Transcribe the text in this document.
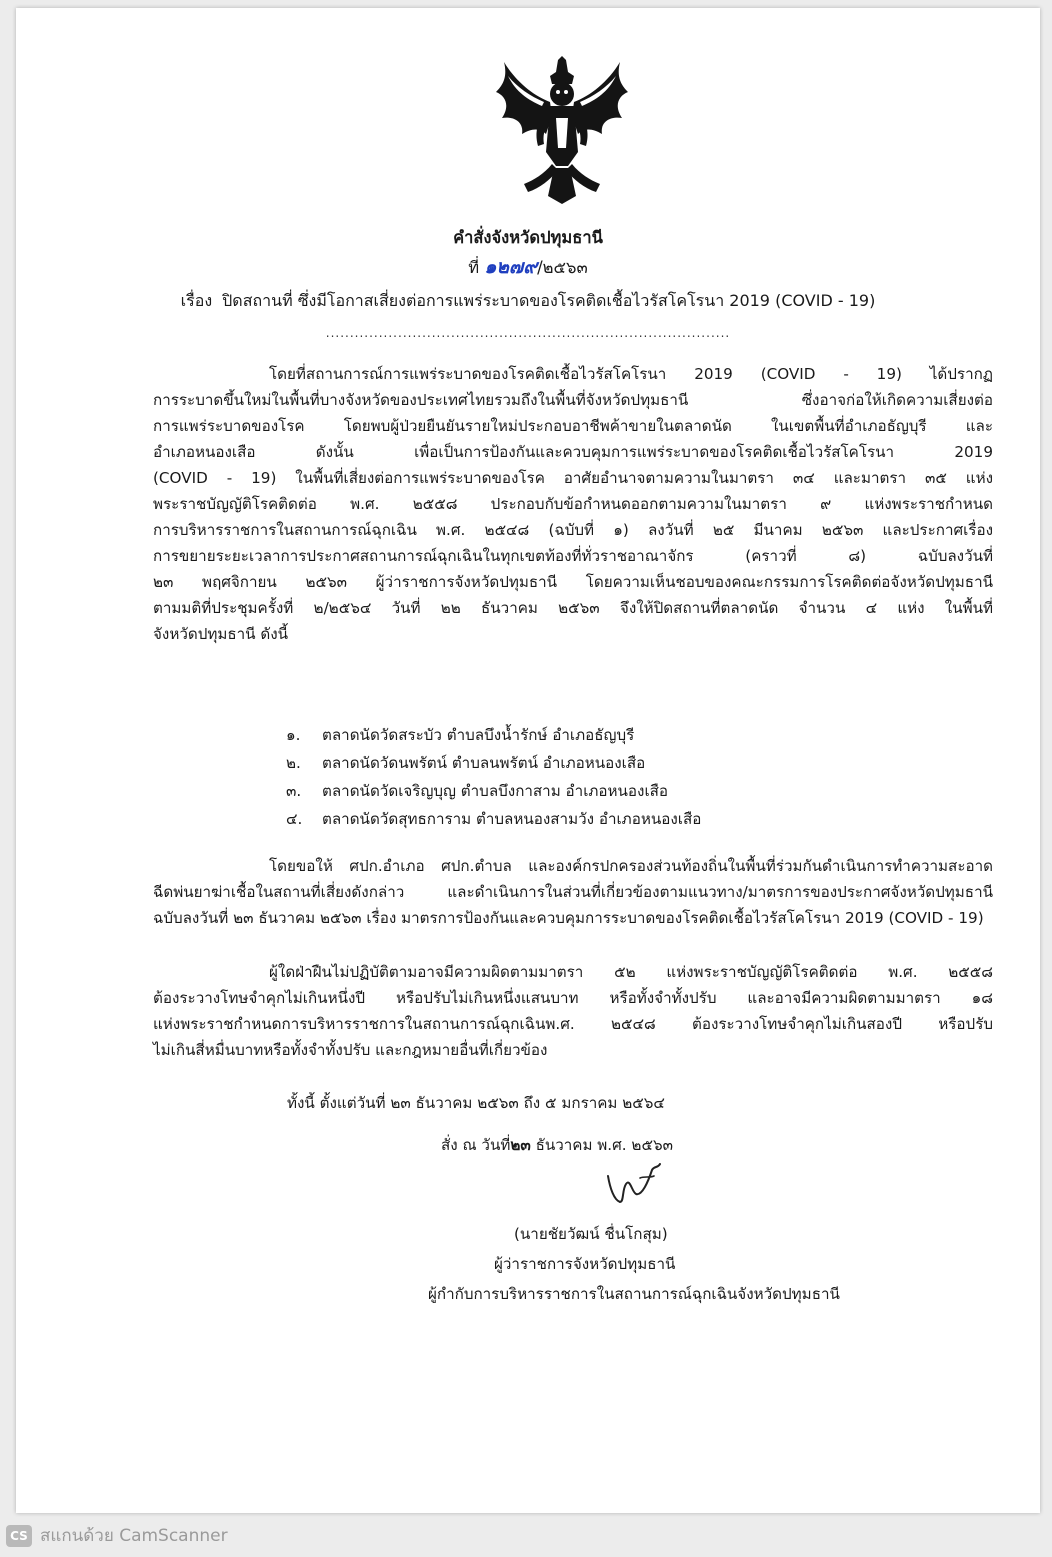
คำสั่งจังหวัดปทุมธานี
ที่ ๑๒๗๙/๒๕๖๓
เรื่อง ปิดสถานที่ ซึ่งมีโอกาสเสี่ยงต่อการแพร่ระบาดของโรคติดเชื้อไวรัสโคโรนา 2019 (COVID - 19)
....................................................................................
โดยที่สถานการณ์การแพร่ระบาดของโรคติดเชื้อไวรัสโคโรนา 2019 (COVID - 19) ได้ปรากฏ
การระบาดขึ้นใหม่ในพื้นที่บางจังหวัดของประเทศไทยรวมถึงในพื้นที่จังหวัดปทุมธานี ซึ่งอาจก่อให้เกิดความเสี่ยงต่อ
การแพร่ระบาดของโรค โดยพบผู้ป่วยยืนยันรายใหม่ประกอบอาชีพค้าขายในตลาดนัด ในเขตพื้นที่อำเภอธัญบุรี และ
อำเภอหนองเสือ ดังนั้น เพื่อเป็นการป้องกันและควบคุมการแพร่ระบาดของโรคติดเชื้อไวรัสโคโรนา 2019
(COVID - 19) ในพื้นที่เสี่ยงต่อการแพร่ระบาดของโรค อาศัยอำนาจตามความในมาตรา ๓๔ และมาตรา ๓๕ แห่ง
พระราชบัญญัติโรคติดต่อ พ.ศ. ๒๕๕๘ ประกอบกับข้อกำหนดออกตามความในมาตรา ๙ แห่งพระราชกำหนด
การบริหารราชการในสถานการณ์ฉุกเฉิน พ.ศ. ๒๕๔๘ (ฉบับที่ ๑) ลงวันที่ ๒๕ มีนาคม ๒๕๖๓ และประกาศเรื่อง
การขยายระยะเวลาการประกาศสถานการณ์ฉุกเฉินในทุกเขตท้องที่ทั่วราชอาณาจักร (คราวที่ ๘) ฉบับลงวันที่
๒๓ พฤศจิกายน ๒๕๖๓ ผู้ว่าราชการจังหวัดปทุมธานี โดยความเห็นชอบของคณะกรรมการโรคติดต่อจังหวัดปทุมธานี
ตามมติที่ประชุมครั้งที่ ๒/๒๕๖๔ วันที่ ๒๒ ธันวาคม ๒๕๖๓ จึงให้ปิดสถานที่ตลาดนัด จำนวน ๔ แห่ง ในพื้นที่
จังหวัดปทุมธานี ดังนี้
๑. ตลาดนัดวัดสระบัว ตำบลบึงน้ำรักษ์ อำเภอธัญบุรี
๒. ตลาดนัดวัดนพรัตน์ ตำบลนพรัตน์ อำเภอหนองเสือ
๓. ตลาดนัดวัดเจริญบุญ ตำบลบึงกาสาม อำเภอหนองเสือ
๔. ตลาดนัดวัดสุทธการาม ตำบลหนองสามวัง อำเภอหนองเสือ
โดยขอให้ ศปก.อำเภอ ศปก.ตำบล และองค์กรปกครองส่วนท้องถิ่นในพื้นที่ร่วมกันดำเนินการทำความสะอาด
ฉีดพ่นยาฆ่าเชื้อในสถานที่เสี่ยงดังกล่าว และดำเนินการในส่วนที่เกี่ยวข้องตามแนวทาง/มาตรการของประกาศจังหวัดปทุมธานี
ฉบับลงวันที่ ๒๓ ธันวาคม ๒๕๖๓ เรื่อง มาตรการป้องกันและควบคุมการระบาดของโรคติดเชื้อไวรัสโคโรนา 2019 (COVID - 19)
ผู้ใดฝ่าฝืนไม่ปฏิบัติตามอาจมีความผิดตามมาตรา ๕๒ แห่งพระราชบัญญัติโรคติดต่อ พ.ศ. ๒๕๕๘
ต้องระวางโทษจำคุกไม่เกินหนึ่งปี หรือปรับไม่เกินหนึ่งแสนบาท หรือทั้งจำทั้งปรับ และอาจมีความผิดตามมาตรา ๑๘
แห่งพระราชกำหนดการบริหารราชการในสถานการณ์ฉุกเฉินพ.ศ. ๒๕๔๘ ต้องระวางโทษจำคุกไม่เกินสองปี หรือปรับ
ไม่เกินสี่หมื่นบาทหรือทั้งจำทั้งปรับ และกฎหมายอื่นที่เกี่ยวข้อง
ทั้งนี้ ตั้งแต่วันที่ ๒๓ ธันวาคม ๒๕๖๓ ถึง ๕ มกราคม ๒๕๖๔
สั่ง ณ วันที่๒๓ ธันวาคม พ.ศ. ๒๕๖๓
(นายชัยวัฒน์ ชื่นโกสุม)
ผู้ว่าราชการจังหวัดปทุมธานี
ผู้กำกับการบริหารราชการในสถานการณ์ฉุกเฉินจังหวัดปทุมธานี
CS สแกนด้วย CamScanner
